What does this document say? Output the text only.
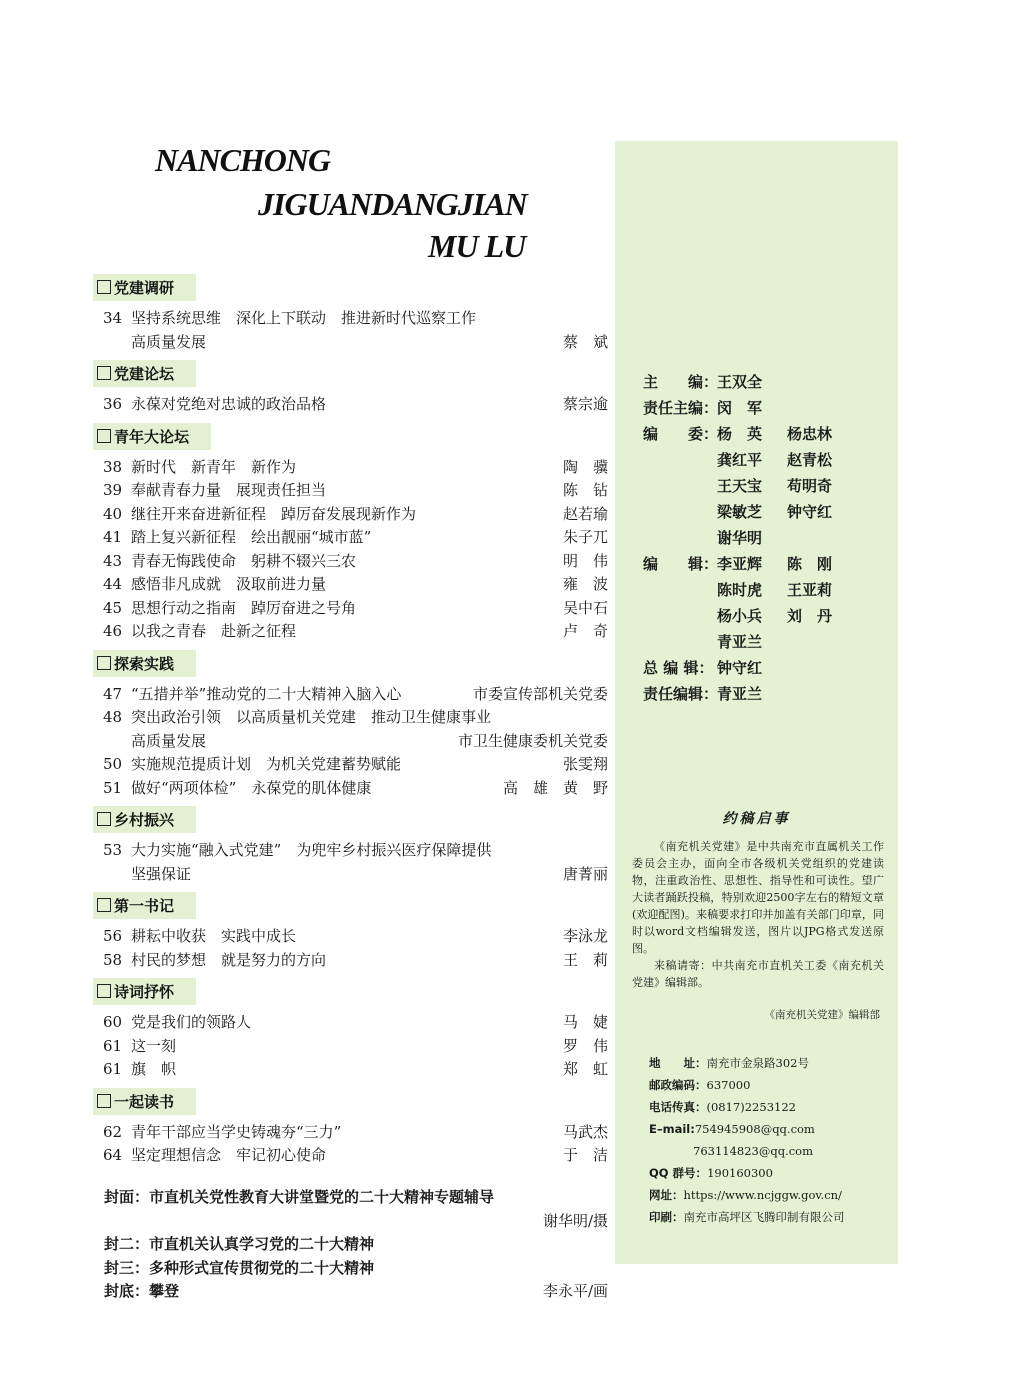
NANCHONG
JIGUANDANGJIAN
MU LU
党建调研
34 坚持系统思维　深化上下联动　推进新时代巡察工作
高质量发展	蔡　斌
党建论坛
36 永葆对党绝对忠诚的政治品格	蔡宗逾
青年大论坛
38 新时代　新青年　新作为	陶　骥
39 奉献青春力量　展现责任担当	陈　钻
40 继往开来奋进新征程　踔厉奋发展现新作为	赵若瑜
41 踏上复兴新征程　绘出靓丽“城市蓝”	朱子兀
43 青春无悔践使命　躬耕不辍兴三农	明　伟
44 感悟非凡成就　汲取前进力量	雍　波
45 思想行动之指南　踔厉奋进之号角	吴中石
46 以我之青春　赴新之征程	卢　奇
探索实践
47 “五措并举”推动党的二十大精神入脑入心	市委宣传部机关党委
48 突出政治引领　以高质量机关党建　推动卫生健康事业
高质量发展	市卫生健康委机关党委
50 实施规范提质计划　为机关党建蓄势赋能	张雯翔
51 做好“两项体检”　永葆党的肌体健康	高　雄　黄　野
乡村振兴
53 大力实施“融入式党建”　为兜牢乡村振兴医疗保障提供
坚强保证	唐菁丽
第一书记
56 耕耘中收获　实践中成长	李泳龙
58 村民的梦想　就是努力的方向	王　莉
诗词抒怀
60 党是我们的领路人	马　婕
61 这一刻	罗　伟
61 旗　帜	郑　虹
一起读书
62 青年干部应当学史铸魂夯“三力”	马武杰
64 坚定理想信念　牢记初心使命	于　洁
封面：市直机关党性教育大讲堂暨党的二十大精神专题辅导
谢华明/摄
封二：市直机关认真学习党的二十大精神
封三：多种形式宣传贯彻党的二十大精神
封底：攀登	李永平/画
主　　编：
王双全
责任主编：
闵　军
编　　委：
杨　英	杨忠林
龚红平	赵青松
王天宝	苟明奇
梁敏芝	钟守红
谢华明
编　　辑：
李亚辉	陈　刚
陈时虎	王亚莉
杨小兵	刘　丹
青亚兰
总 编 辑： 钟守红
责任编辑：
青亚兰
约稿启事

《南充机关党建》是中共南充市直属机关工作委员会主办，面向全市各级机关党组织的党建读物，注重政治性、思想性、指导性和可读性。望广大读者踊跃投稿，特别欢迎2500字左右的精短文章(欢迎配图)。来稿要求打印并加盖有关部门印章，同时以word文档编辑发送，图片以JPG格式发送原图。

来稿请寄：中共南充市直机关工委《南充机关党建》编辑部。

《南充机关党建》编辑部
地　　址：南充市金泉路302号
邮政编码：637000
电话传真：(0817)2253122
E–mail:754945908@qq.com
763114823@qq.com
QQ 群号：190160300
网址：https://www.ncjggw.gov.cn/
印刷：南充市高坪区飞腾印制有限公司
